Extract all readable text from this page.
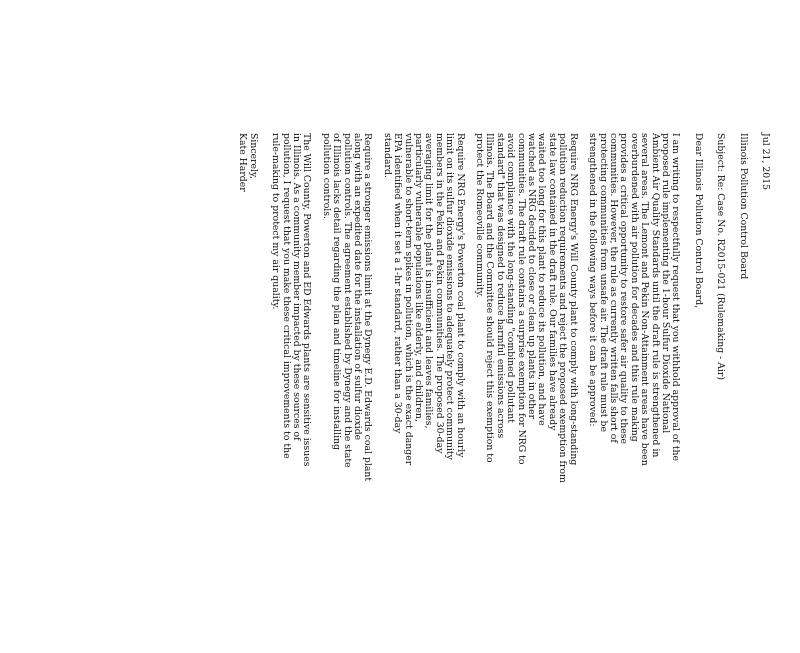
Jul 21, 2015
Illinois Pollution Control Board
Subject: Re: Case No. R2015-021 (Rulemaking - Air)
Dear Illinois Pollution Control Board,
I am writing to respectfully request that you withhold approval of the
proposed rule implementing the 1-hour Sulfur Dioxide National
Ambient Air Quality Standards until the draft rule is strengthened in
several areas. The Lemont and Pekin Non-Attainment areas have been
overburdened with air pollution for decades and this rule making
provides a critical opportunity to restore safer air quality to these
communities. However, the rule as currently written falls short of
protecting communities from unsafe air. The draft rule must be
strengthened in the following ways before it can be approved:
Require NRG Energy's Will County plant to comply with long-standing
pollution reduction requirements and reject the proposed exemption from
state law contained in the draft rule. Our families have already
waited too long for this plant to reduce its pollution, and have
watched as NRG decided to close or clean up plants in other
communities. The draft rule contains a surprise exemption for NRG to
avoid compliance with the long-standing "combined pollutant
standard" that was designed to reduce harmful emissions across
Illinois. The Board and the Committee should reject this exemption to
protect the Romeoville community.
Require NRG Energy's Powerton coal plant to comply with an hourly
limit on its sulfur dioxide emissions to adequately protect community
members in the Pekin and Pekin communities. The proposed 30-day
averaging limit for the plant is insufficient and leaves families,
particularly vulnerable populations like elderly, and children,
vulnerable to short-term spikes in pollution, which is the exact danger
EPA identified when it set a 1-hr standard, rather than a 30-day
standard.
Require a stronger emissions limit at the Dynegy E.D. Edwards coal plant
along with an expedited date for the installation of sulfur dioxide
pollution controls. The agreement established by Dynegy and the state
of Illinois lacks detail regarding the plan and timeline for installing
pollution controls.
The Will County, Powerton and ED Edwards plants are sensitive issues
in Illinois. As a community member impacted by these sources of
pollution, I request that you make these critical improvements to the
rule-making to protect my air quality.
Sincerely,
Kate Harder
